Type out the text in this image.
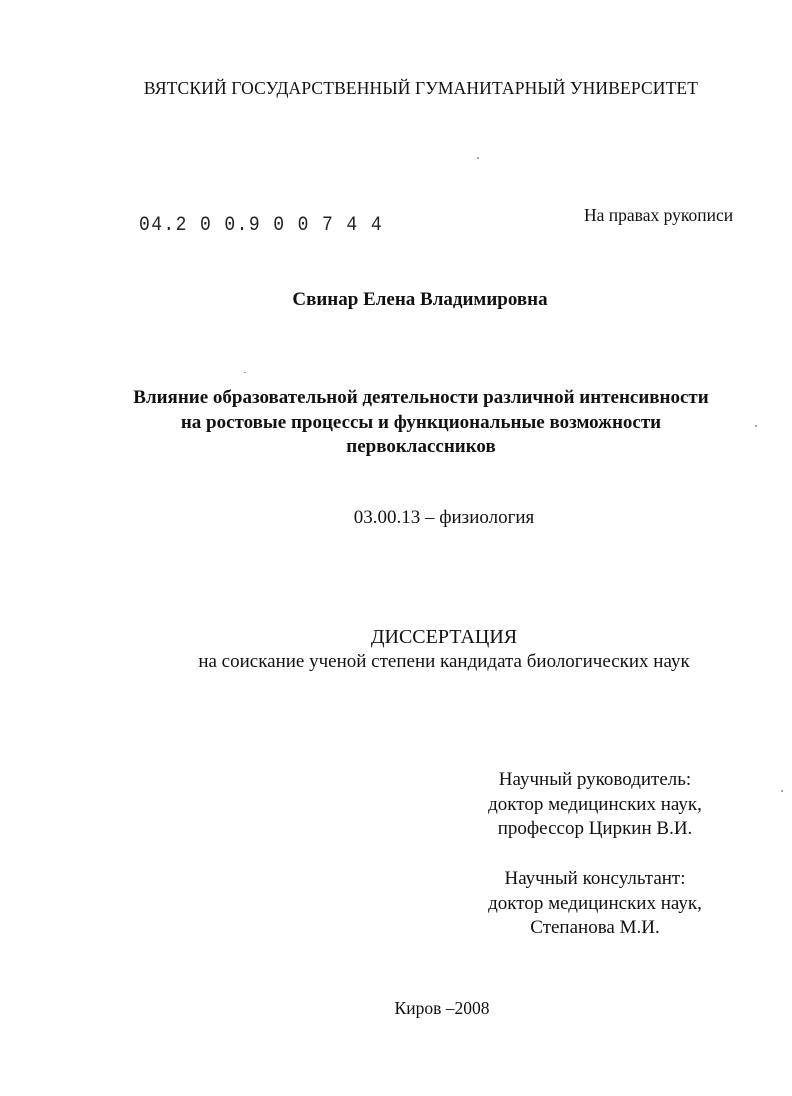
ВЯТСКИЙ ГОСУДАРСТВЕННЫЙ ГУМАНИТАРНЫЙ УНИВЕРСИТЕТ
04.2 0 0.9 0 0 7 4 4	На правах рукописи
Свинар Елена Владимировна
Влияние образовательной деятельности различной интенсивности
на ростовые процессы и функциональные возможности
первоклассников
03.00.13 – физиология
ДИССЕРТАЦИЯ
на соискание ученой степени кандидата биологических наук
Научный руководитель:
доктор медицинских наук,
профессор Циркин В.И.
Научный консультант:
доктор медицинских наук,
Степанова М.И.
Киров –2008
